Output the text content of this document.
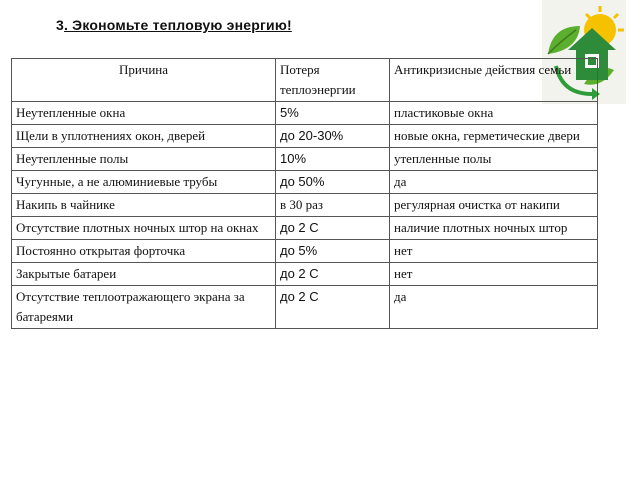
3. Экономьте тепловую энергию!
Причина	Потеря теплоэнергии	Антикризисные действия семьи
Неутепленные окна	5%	пластиковые окна
Щели в уплотнениях окон, дверей	до 20-30%	новые окна, герметические двери
Неутепленные полы	10%	утепленные полы
Чугунные, а не алюминиевые трубы	до 50%	да
Накипь в чайнике	в 30 раз	регулярная очистка от накипи
Отсутствие плотных ночных штор на окнах	до 2 С	наличие плотных ночных штор
Постоянно открытая форточка	до 5%	нет
Закрытые батареи	до 2 С	нет
Отсутствие теплоотражающего экрана за батареями	до 2 С	да
